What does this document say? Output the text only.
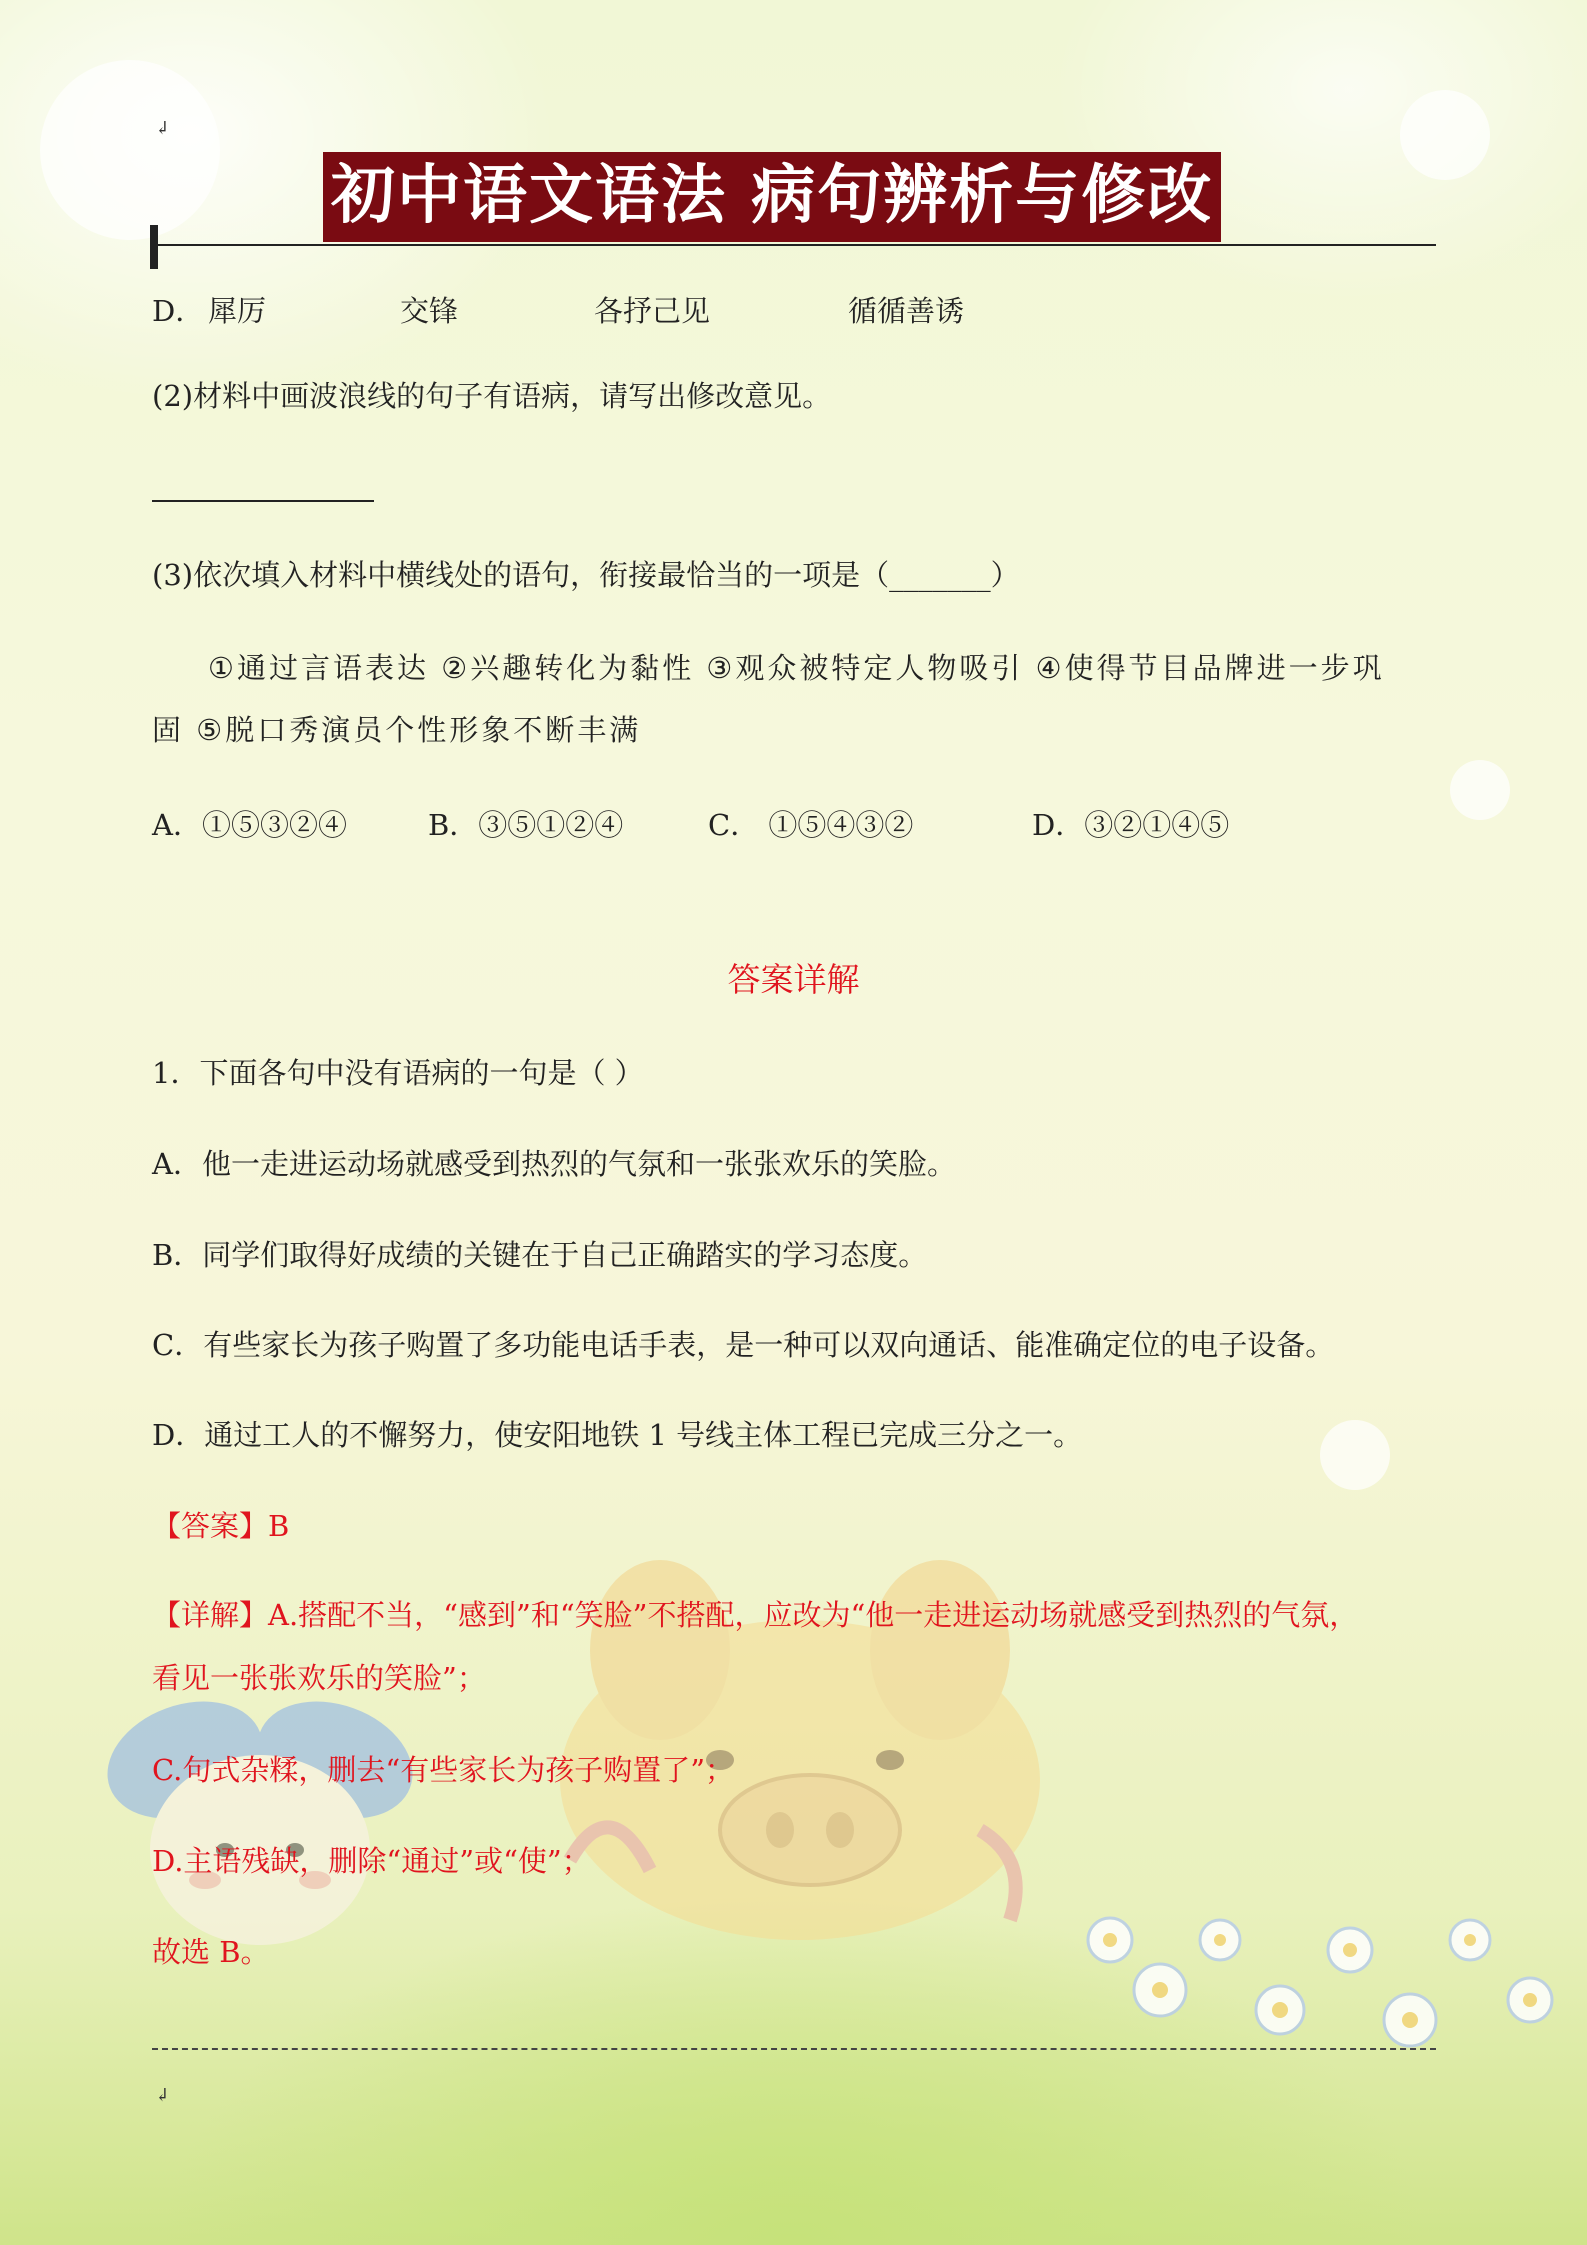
↲
初中语文语法 病句辨析与修改
D． 犀厉	交锋	各抒己见	循循善诱
(2)材料中画波浪线的句子有语病，请写出修改意见。
(3)依次填入材料中横线处的语句，衔接最恰当的一项是（_______）
①通过言语表达 ②兴趣转化为黏性 ③观众被特定人物吸引 ④使得节目品牌进一步巩
固 ⑤脱口秀演员个性形象不断丰满
A．①⑤③②④	B．③⑤①②④	C． ①⑤④③②	D．③②①④⑤
答案详解
1．下面各句中没有语病的一句是（ ）
A．他一走进运动场就感受到热烈的气氛和一张张欢乐的笑脸。
B．同学们取得好成绩的关键在于自己正确踏实的学习态度。
C．有些家长为孩子购置了多功能电话手表，是一种可以双向通话、能准确定位的电子设备。
D．通过工人的不懈努力，使安阳地铁 1 号线主体工程已完成三分之一。
【答案】B
【详解】A.搭配不当，“感到”和“笑脸”不搭配，应改为“他一走进运动场就感受到热烈的气氛，
看见一张张欢乐的笑脸”；
C.句式杂糅，删去“有些家长为孩子购置了”；
D.主语残缺，删除“通过”或“使”；
故选 B。
↲
